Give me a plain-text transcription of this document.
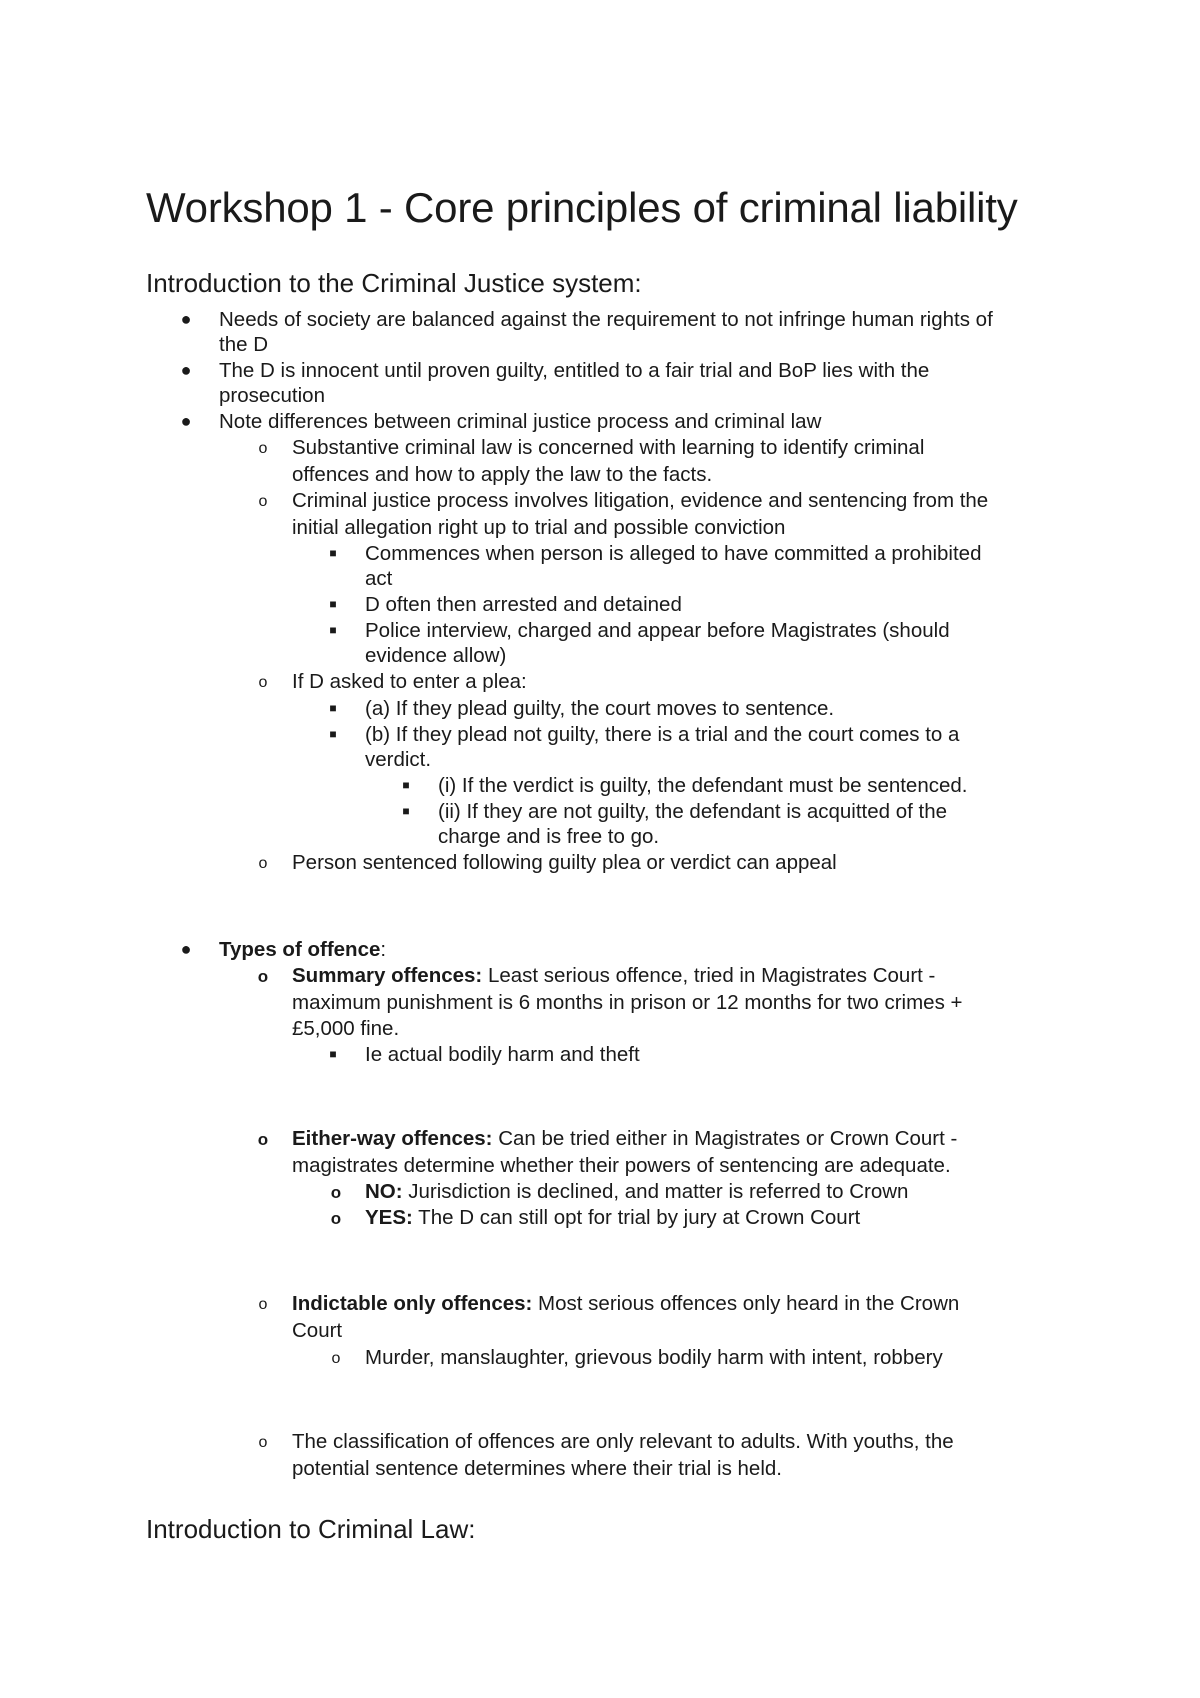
Workshop 1 - Core principles of criminal liability
Introduction to the Criminal Justice system:
● Needs of society are balanced against the requirement to not infringe human rights of
the D
● The D is innocent until proven guilty, entitled to a fair trial and BoP lies with the
prosecution
● Note differences between criminal justice process and criminal law
o Substantive criminal law is concerned with learning to identify criminal
offences and how to apply the law to the facts.
o Criminal justice process involves litigation, evidence and sentencing from the
initial allegation right up to trial and possible conviction
■	Commences when person is alleged to have committed a prohibited
act
■	D often then arrested and detained
■	Police interview, charged and appear before Magistrates (should
evidence allow)
o If D asked to enter a plea:
■	(a) If they plead guilty, the court moves to sentence.
■	(b) If they plead not guilty, there is a trial and the court comes to a
verdict.
■	(i) If the verdict is guilty, the defendant must be sentenced.
■	(ii) If they are not guilty, the defendant is acquitted of the
charge and is free to go.
o Person sentenced following guilty plea or verdict can appeal
● Types of offence:
o Summary offences: Least serious offence, tried in Magistrates Court -
maximum punishment is 6 months in prison or 12 months for two crimes +
£5,000 fine.
■	Ie actual bodily harm and theft
o Either-way offences: Can be tried either in Magistrates or Crown Court -
magistrates determine whether their powers of sentencing are adequate.
o NO: Jurisdiction is declined, and matter is referred to Crown
o YES: The D can still opt for trial by jury at Crown Court
o Indictable only offences: Most serious offences only heard in the Crown
Court
o Murder, manslaughter, grievous bodily harm with intent, robbery
o The classification of offences are only relevant to adults. With youths, the
potential sentence determines where their trial is held.
Introduction to Criminal Law:
